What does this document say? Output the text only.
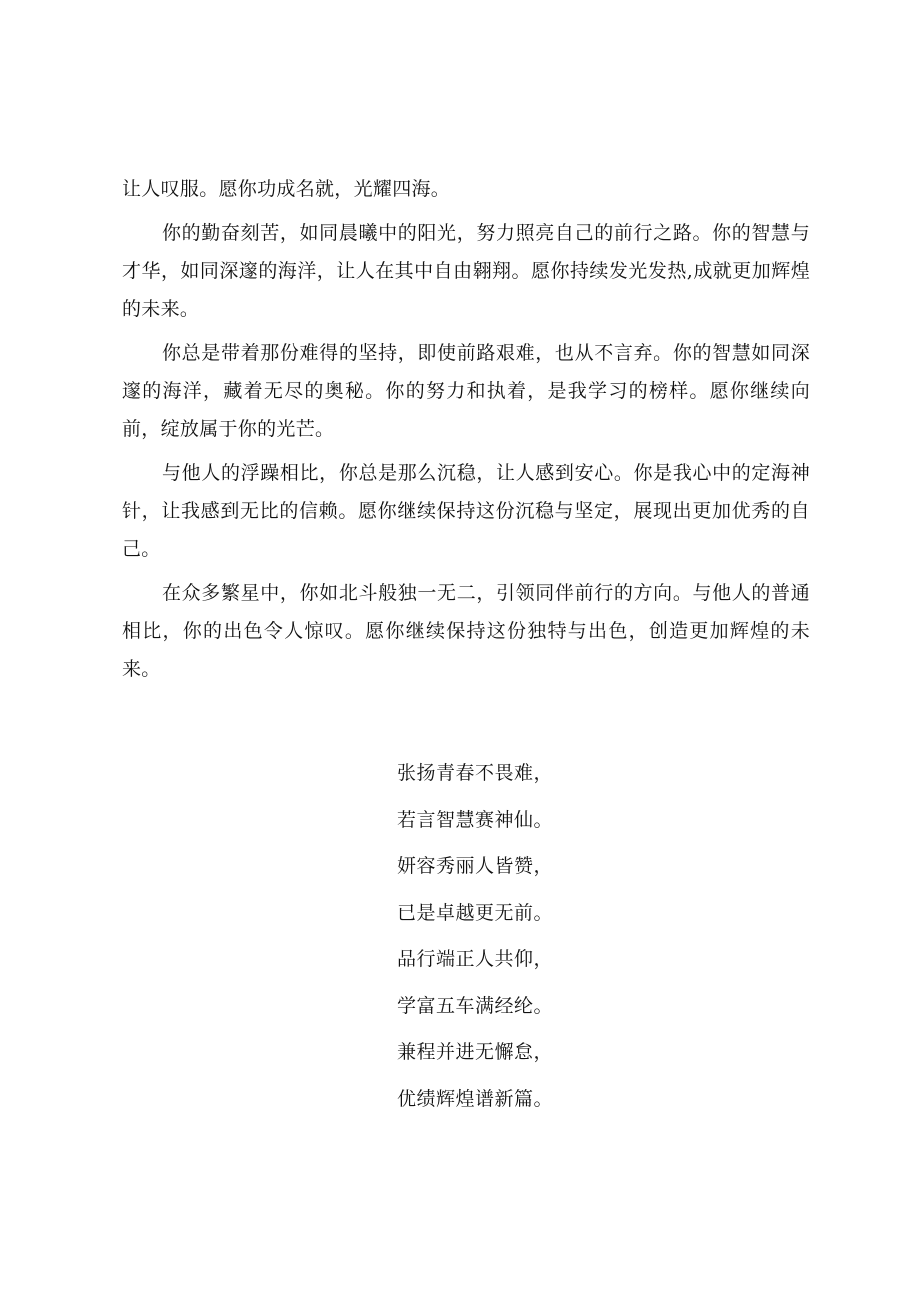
让人叹服。愿你功成名就，光耀四海。

你的勤奋刻苦，如同晨曦中的阳光，努力照亮自己的前行之路。你的智慧与才华，如同深邃的海洋，让人在其中自由翱翔。愿你持续发光发热,成就更加辉煌的未来。

你总是带着那份难得的坚持，即使前路艰难，也从不言弃。你的智慧如同深邃的海洋，藏着无尽的奥秘。你的努力和执着，是我学习的榜样。愿你继续向前，绽放属于你的光芒。

与他人的浮躁相比，你总是那么沉稳，让人感到安心。你是我心中的定海神针，让我感到无比的信赖。愿你继续保持这份沉稳与坚定，展现出更加优秀的自己。

在众多繁星中，你如北斗般独一无二，引领同伴前行的方向。与他人的普通相比，你的出色令人惊叹。愿你继续保持这份独特与出色，创造更加辉煌的未来。

张扬青春不畏难，
若言智慧赛神仙。
妍容秀丽人皆赞，
已是卓越更无前。
品行端正人共仰，
学富五车满经纶。
兼程并进无懈怠，
优绩辉煌谱新篇。
